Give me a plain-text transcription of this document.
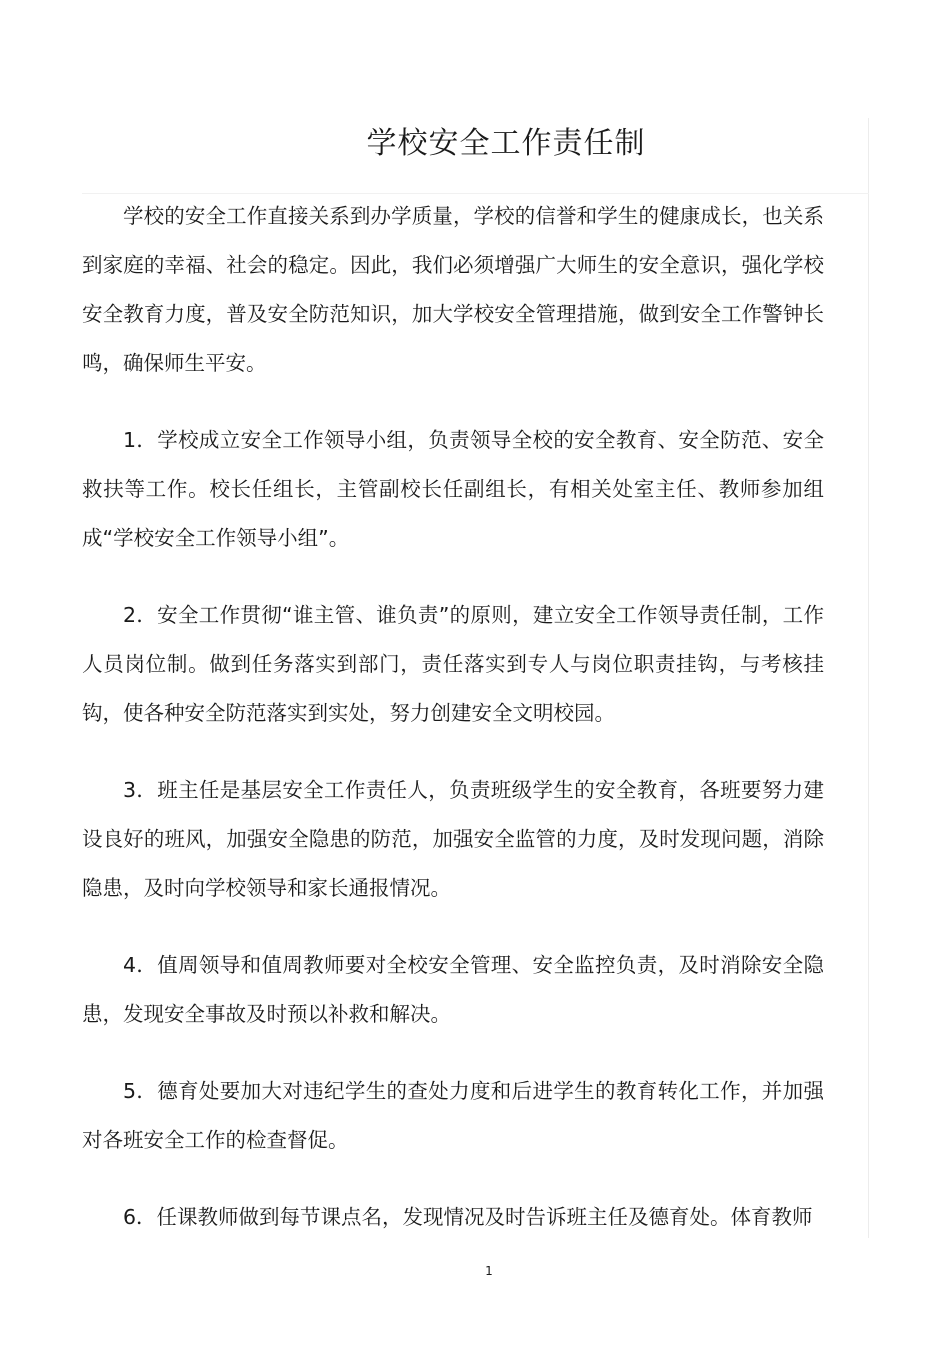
学校安全工作责任制

学校的安全工作直接关系到办学质量，学校的信誉和学生的健康成长，也关系到家庭的幸福、社会的稳定。因此，我们必须增强广大师生的安全意识，强化学校安全教育力度，普及安全防范知识，加大学校安全管理措施，做到安全工作警钟长鸣，确保师生平安。

1．学校成立安全工作领导小组，负责领导全校的安全教育、安全防范、安全救扶等工作。校长任组长，主管副校长任副组长，有相关处室主任、教师参加组成“学校安全工作领导小组”。

2．安全工作贯彻“谁主管、谁负责”的原则，建立安全工作领导责任制，工作人员岗位制。做到任务落实到部门，责任落实到专人与岗位职责挂钩，与考核挂钩，使各种安全防范落实到实处，努力创建安全文明校园。

3．班主任是基层安全工作责任人，负责班级学生的安全教育，各班要努力建设良好的班风，加强安全隐患的防范，加强安全监管的力度，及时发现问题，消除隐患，及时向学校领导和家长通报情况。

4．值周领导和值周教师要对全校安全管理、安全监控负责，及时消除安全隐患，发现安全事故及时预以补救和解决。

5．德育处要加大对违纪学生的查处力度和后进学生的教育转化工作，并加强对各班安全工作的检查督促。

6．任课教师做到每节课点名，发现情况及时告诉班主任及德育处。体育教师

1
